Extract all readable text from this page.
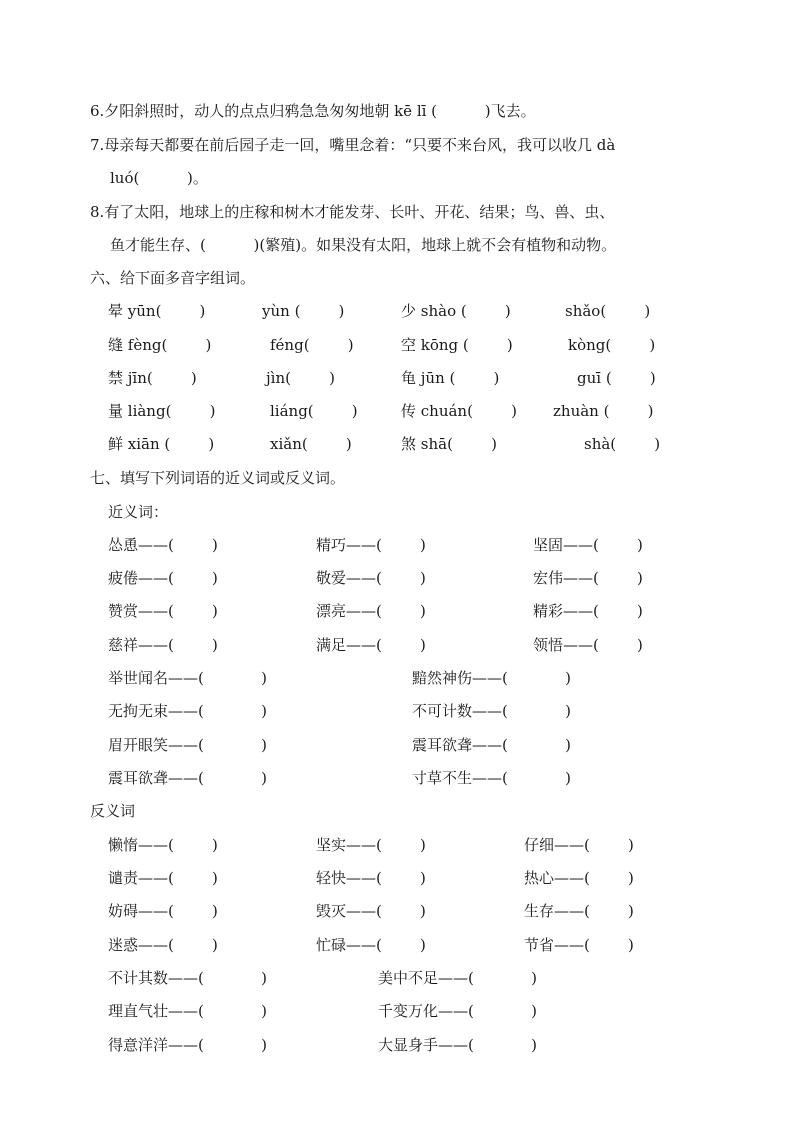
6.夕阳斜照时，动人的点点归鸦急急匆匆地朝 kē lī (          )飞去。
7.母亲每天都要在前后园子走一回，嘴里念着：“只要不来台风，我可以收几 dà
luó(          )。
8.有了太阳，地球上的庄稼和树木才能发芽、长叶、开花、结果；鸟、兽、虫、
鱼才能生存、(          )(繁殖)。如果没有太阳，地球上就不会有植物和动物。
六、给下面多音字组词。
晕 yūn(        )	yùn (        )	少 shào (        )	shǎo(        )
缝 fèng(        )	féng(        )	空 kōng (        )	kòng(        )
禁 jīn(        )	jìn(        )	龟 jūn (        )	guī (        )
量 liàng(        )	liáng(        )	传 chuán(        ) zhuàn (        )
鲜 xiān (        )	xiǎn(        )	煞 shā(        )	shà(        )
七、填写下列词语的近义词或反义词。
近义词：
怂恿——(        )	精巧——(        )	坚固——(        )
疲倦——(        )	敬爱——(        )	宏伟——(        )
赞赏——(        )	漂亮——(        )	精彩——(        )
慈祥——(        )	满足——(        )	领悟——(        )
举世闻名——(            )	黯然神伤——(            )
无拘无束——(            )	不可计数——(            )
眉开眼笑——(            )	震耳欲聋——(            )
震耳欲聋——(            )	寸草不生——(            )
反义词
懒惰——(        )	坚实——(        )	仔细——(        )
谴责——(        )	轻快——(        )	热心——(        )
妨碍——(        )	毁灭——(        )	生存——(        )
迷惑——(        )	忙碌——(        )	节省——(        )
不计其数——(            )	美中不足——(            )
理直气壮——(            )	千变万化——(            )
得意洋洋——(            )	大显身手——(            )
